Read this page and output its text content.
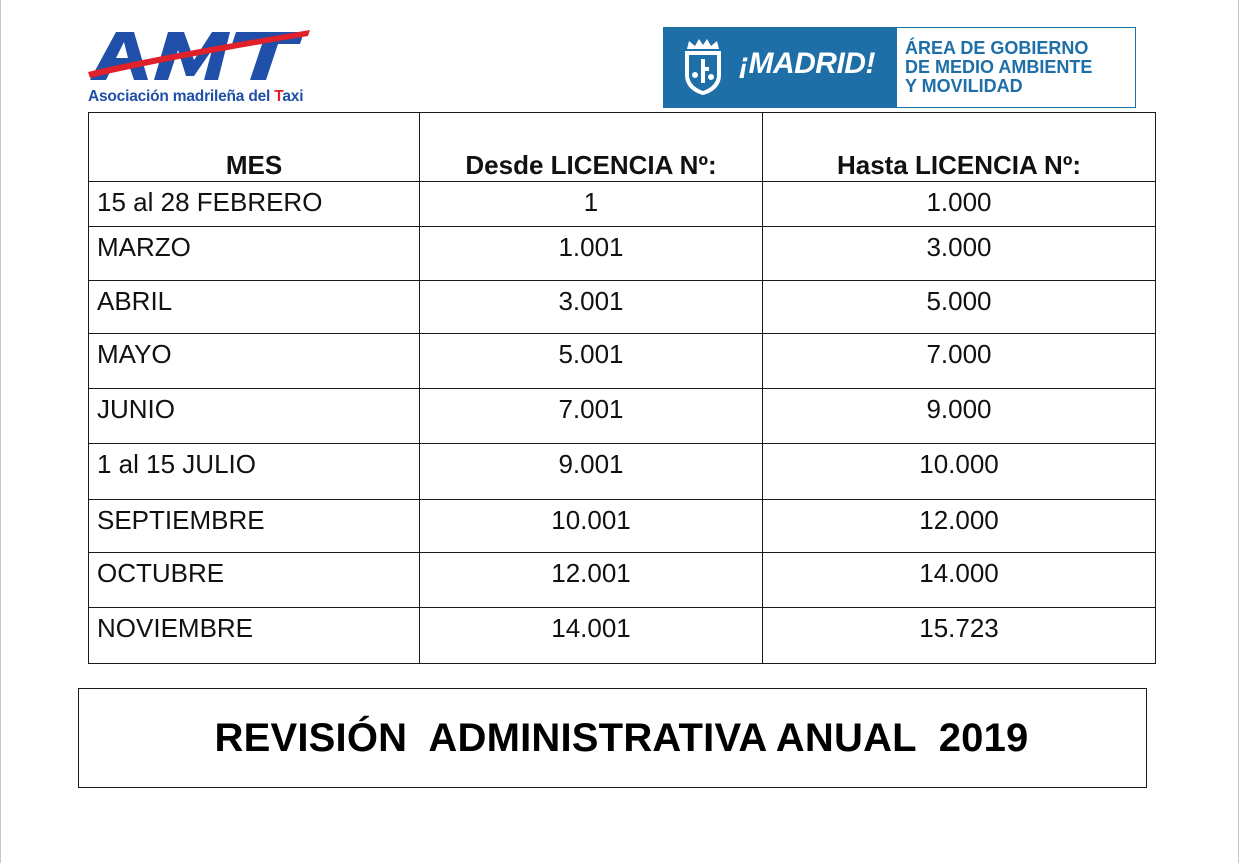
Asociación madrileña del Taxi
¡MADRID! ÁREA DE GOBIERNO
DE MEDIO AMBIENTE
Y MOVILIDAD
MES	Desde LICENCIA Nº:	Hasta LICENCIA Nº:
15 al 28 FEBRERO	1	1.000
MARZO	1.001	3.000
ABRIL	3.001	5.000
MAYO	5.001	7.000
JUNIO	7.001	9.000
1 al 15 JULIO	9.001	10.000
SEPTIEMBRE	10.001	12.000
OCTUBRE	12.001	14.000
NOVIEMBRE	14.001	15.723
REVISIÓN  ADMINISTRATIVA ANUAL  2019
